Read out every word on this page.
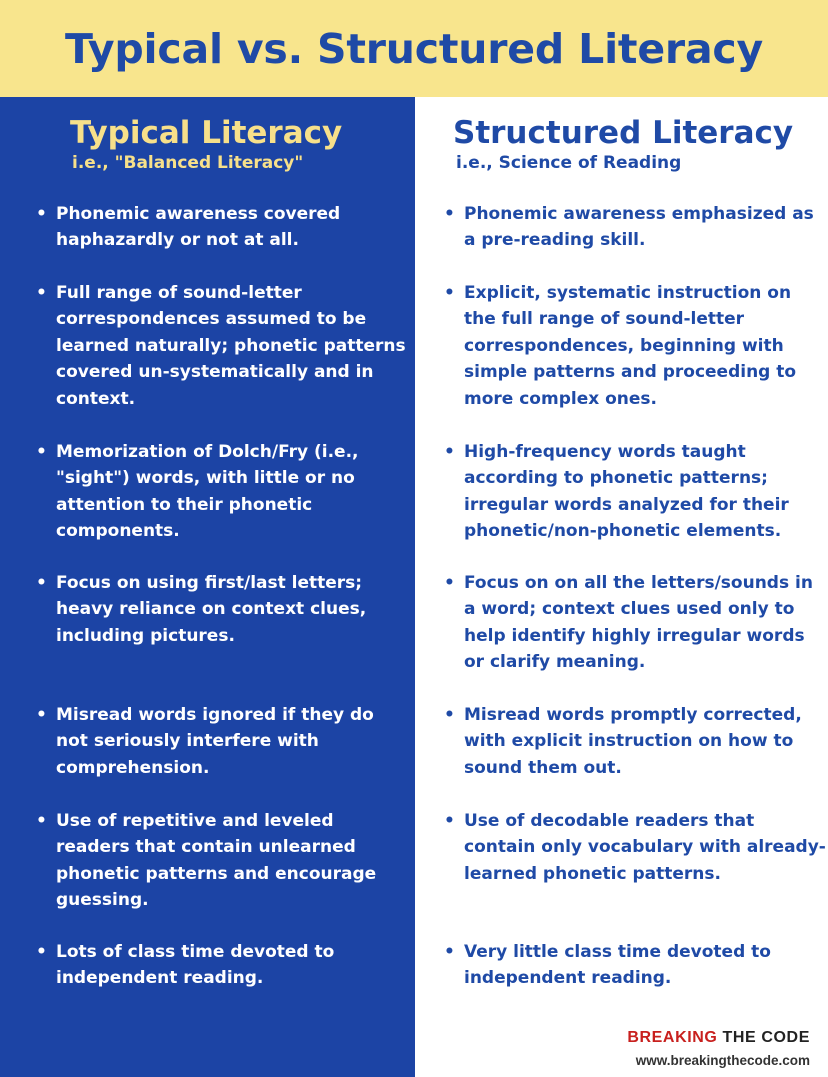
Typical vs. Structured Literacy
Typical Literacy
i.e., "Balanced Literacy"
• Phonemic awareness covered haphazardly or not at all.
• Full range of sound-letter correspondences assumed to be learned naturally; phonetic patterns covered un-systematically and in context.
• Memorization of Dolch/Fry (i.e., "sight") words, with little or no attention to their phonetic components.
• Focus on using first/last letters; heavy reliance on context clues, including pictures.
• Misread words ignored if they do not seriously interfere with comprehension.
• Use of repetitive and leveled readers that contain unlearned phonetic patterns and encourage guessing.
• Lots of class time devoted to independent reading.
Structured Literacy
i.e., Science of Reading
• Phonemic awareness emphasized as a pre-reading skill.
• Explicit, systematic instruction on the full range of sound-letter correspondences, beginning with simple patterns and proceeding to more complex ones.
• High-frequency words taught according to phonetic patterns; irregular words analyzed for their phonetic/non-phonetic elements.
• Focus on on all the letters/sounds in a word; context clues used only to help identify highly irregular words or clarify meaning.
• Misread words promptly corrected, with explicit instruction on how to sound them out.
• Use of decodable readers that contain only vocabulary with already-learned phonetic patterns.
• Very little class time devoted to independent reading.
BREAKING THE CODE
www.breakingthecode.com
